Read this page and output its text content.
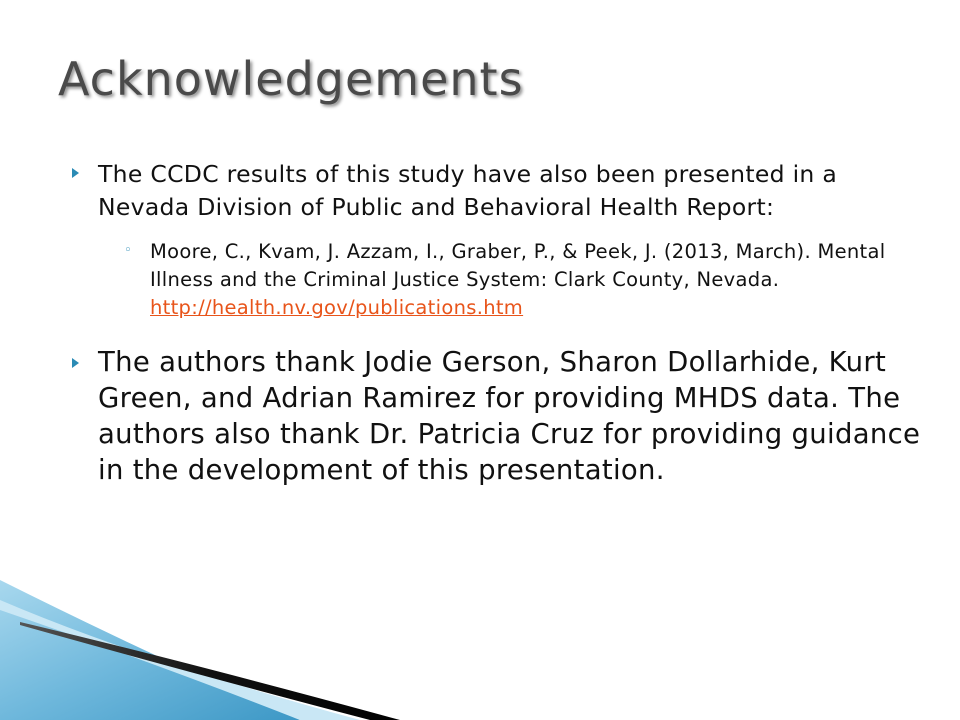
Acknowledgements

The CCDC results of this study have also been presented in a Nevada Division of Public and Behavioral Health Report:

◦ Moore, C., Kvam, J. Azzam, I., Graber, P., & Peek, J. (2013, March). Mental Illness and the Criminal Justice System: Clark County, Nevada. http://health.nv.gov/publications.htm

The authors thank Jodie Gerson, Sharon Dollarhide, Kurt Green, and Adrian Ramirez for providing MHDS data. The authors also thank Dr. Patricia Cruz for providing guidance in the development of this presentation.
